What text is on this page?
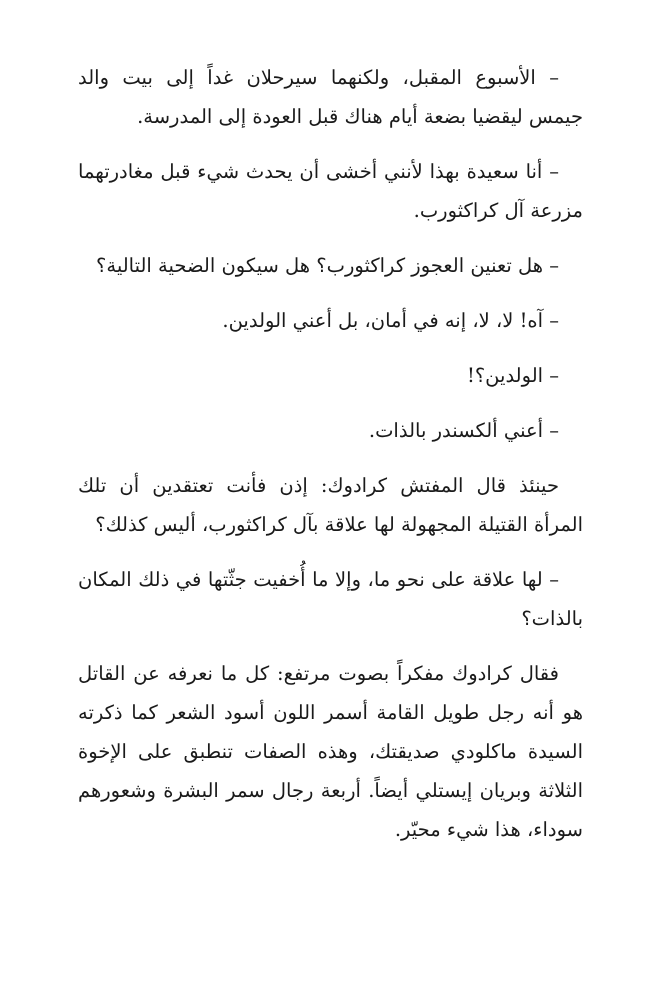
– الأسبوع المقبل، ولكنهما سيرحلان غداً إلى بيت والد جيمس ليقضيا بضعة أيام هناك قبل العودة إلى المدرسة.

– أنا سعيدة بهذا لأنني أخشى أن يحدث شيء قبل مغادرتهما مزرعة آل كراكثورب.

– هل تعنين العجوز كراكثورب؟ هل سيكون الضحية التالية؟

– آه! لا، لا، إنه في أمان، بل أعني الولدين.

– الولدين؟!

– أعني ألكسندر بالذات.

حينئذ قال المفتش كرادوك: إذن فأنت تعتقدين أن تلك المرأة القتيلة المجهولة لها علاقة بآل كراكثورب، أليس كذلك؟

– لها علاقة على نحو ما، وإلا ما أُخفيت جثّتها في ذلك المكان بالذات؟

فقال كرادوك مفكراً بصوت مرتفع: كل ما نعرفه عن القاتل هو أنه رجل طويل القامة أسمر اللون أسود الشعر كما ذكرته السيدة ماكلودي صديقتك، وهذه الصفات تنطبق على الإخوة الثلاثة وبريان إيستلي أيضاً. أربعة رجال سمر البشرة وشعورهم سوداء، هذا شيء محيّر.
